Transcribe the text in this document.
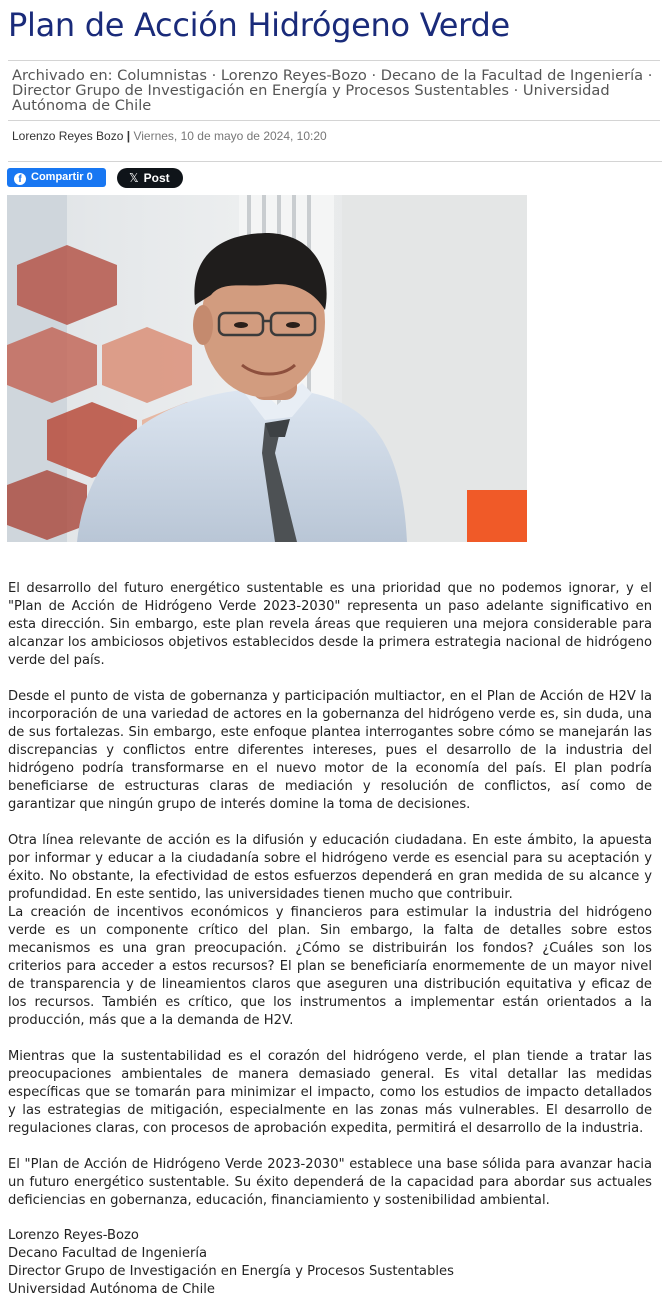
Plan de Acción Hidrógeno Verde
Archivado en: Columnistas · Lorenzo Reyes-Bozo · Decano de la Facultad de Ingeniería · Director Grupo de Investigación en Energía y Procesos Sustentables · Universidad Autónoma de Chile
Lorenzo Reyes Bozo | Viernes, 10 de mayo de 2024, 10:20
f Compartir 0	𝕏 Post

El desarrollo del futuro energético sustentable es una prioridad que no podemos ignorar, y el "Plan de Acción de Hidrógeno Verde 2023-2030" representa un paso adelante significativo en esta dirección. Sin embargo, este plan revela áreas que requieren una mejora considerable para alcanzar los ambiciosos objetivos establecidos desde la primera estrategia nacional de hidrógeno verde del país.

Desde el punto de vista de gobernanza y participación multiactor, en el Plan de Acción de H2V la incorporación de una variedad de actores en la gobernanza del hidrógeno verde es, sin duda, una de sus fortalezas. Sin embargo, este enfoque plantea interrogantes sobre cómo se manejarán las discrepancias y conflictos entre diferentes intereses, pues el desarrollo de la industria del hidrógeno podría transformarse en el nuevo motor de la economía del país. El plan podría beneficiarse de estructuras claras de mediación y resolución de conflictos, así como de garantizar que ningún grupo de interés domine la toma de decisiones.

Otra línea relevante de acción es la difusión y educación ciudadana. En este ámbito, la apuesta por informar y educar a la ciudadanía sobre el hidrógeno verde es esencial para su aceptación y éxito. No obstante, la efectividad de estos esfuerzos dependerá en gran medida de su alcance y profundidad. En este sentido, las universidades tienen mucho que contribuir.

La creación de incentivos económicos y financieros para estimular la industria del hidrógeno verde es un componente crítico del plan. Sin embargo, la falta de detalles sobre estos mecanismos es una gran preocupación. ¿Cómo se distribuirán los fondos? ¿Cuáles son los criterios para acceder a estos recursos? El plan se beneficiaría enormemente de un mayor nivel de transparencia y de lineamientos claros que aseguren una distribución equitativa y eficaz de los recursos. También es crítico, que los instrumentos a implementar están orientados a la producción, más que a la demanda de H2V.

Mientras que la sustentabilidad es el corazón del hidrógeno verde, el plan tiende a tratar las preocupaciones ambientales de manera demasiado general. Es vital detallar las medidas específicas que se tomarán para minimizar el impacto, como los estudios de impacto detallados y las estrategias de mitigación, especialmente en las zonas más vulnerables. El desarrollo de regulaciones claras, con procesos de aprobación expedita, permitirá el desarrollo de la industria.

El "Plan de Acción de Hidrógeno Verde 2023-2030" establece una base sólida para avanzar hacia un futuro energético sustentable. Su éxito dependerá de la capacidad para abordar sus actuales deficiencias en gobernanza, educación, financiamiento y sostenibilidad ambiental.

Lorenzo Reyes-Bozo
Decano Facultad de Ingeniería
Director Grupo de Investigación en Energía y Procesos Sustentables
Universidad Autónoma de Chile
